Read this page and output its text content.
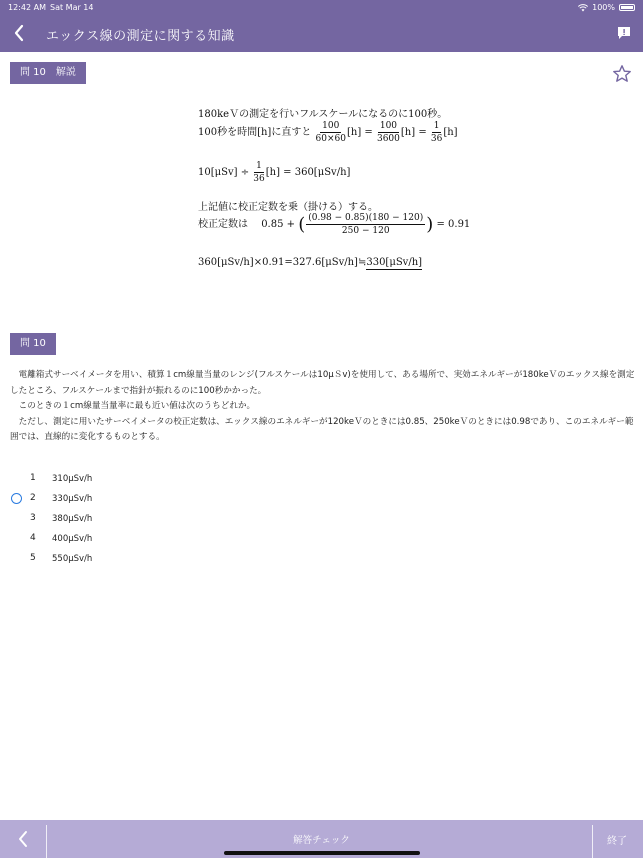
12:42 AM Sat Mar 14	100%
エックス線の測定に関する知識
問 10　解説
180keＶの測定を行いフルスケールになるのに100秒。
100秒を時間[h]に直すと $\frac{100}{60\times 60} [h] = \frac{100}{3600} [h] = \frac{1}{36} [h]$
$10[\mu Sv] \div \frac{1}{36} [h] = 360[\mu Sv/h]$
上記値に校正定数を乗（掛ける）する。
校正定数は 0.85 + ( $\frac{(0.98 - 0.85)(180 - 120)}{250 - 120}$ ) = 0.91
360[μSv/h]×0.91=327.6[μSv/h]≒330[μSv/h]
問 10

　電離箱式サーベイメータを用い、積算１cm線量当量のレンジ(フルスケールは10μＳv)を使用して、ある場所で、実効エネルギーが180keＶのエックス線を測定したところ、フルスケールまで指針が振れるのに100秒かかった。

　このときの１cm線量当量率に最も近い値は次のうちどれか。

　ただし、測定に用いたサーベイメータの校正定数は、エックス線のエネルギーが120keＶのときには0.85、250keＶのときには0.98であり、このエネルギー範囲では、直線的に変化するものとする。

1 310μSv/h
2 330μSv/h
3 380μSv/h
4 400μSv/h
5 550μSv/h
解答チェック	終了
